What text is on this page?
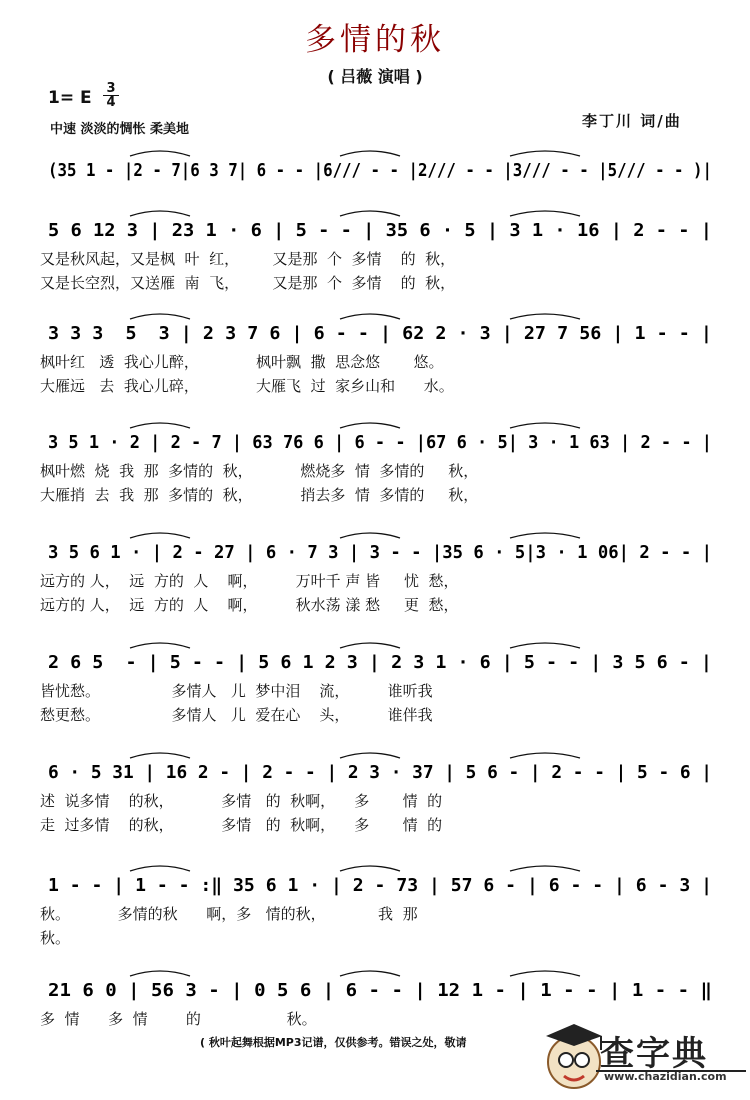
多情的秋
( 吕薇 演唱 )
1= E 3
4
中速 淡淡的惆怅 柔美地	李丁川 词/曲
(35 1 - |2 - 7|6 3 7| 6 - - |6/// - - |2/// - - |3/// - - |5/// - - )|
5 6 12 3 | 23 1 · 6 | 5 - - | 35 6 · 5 | 3 1 · 16 | 2 - - |
又是秋风起，又是枫  叶  红，       又是那  个  多情    的  秋，
又是长空烈，又送雁  南  飞，       又是那  个  多情    的  秋，
3 3 3  5  3 | 2 3 7 6 | 6 - - | 62 2 · 3 | 27 7 56 | 1 - - |
枫叶红   透  我心儿醉，            枫叶飘  撒  思念悠       悠。
大雁远   去  我心儿碎，            大雁飞  过  家乡山和      水。
3 5 1 · 2 | 2 - 7 | 63 76 6 | 6 - - |67 6 · 5| 3 · 1 63 | 2 - - |
枫叶燃  烧  我  那  多情的  秋，          燃烧多  情  多情的     秋，
大雁捎  去  我  那  多情的  秋，          捎去多  情  多情的     秋，
3 5 6 1 · | 2 - 27 | 6 · 7 3 | 3 - - |35 6 · 5|3 · 1 06| 2 - - |
远方的 人，  远  方的  人    啊，        万叶千 声 皆     忧  愁，
远方的 人，  远  方的  人    啊，        秋水荡 漾 愁     更  愁，
2 6 5  - | 5 - - | 5 6 1 2 3 | 2 3 1 · 6 | 5 - - | 3 5 6 - |
皆忧愁。               多情人   儿  梦中泪    流，        谁听我
愁更愁。               多情人   儿  爱在心    头，        谁伴我
6 · 5 31 | 16 2 - | 2 - - | 2 3 · 37 | 5 6 - | 2 - - | 5 - 6 |
述  说多情    的秋，          多情   的  秋啊，    多       情  的
走  过多情    的秋，          多情   的  秋啊，    多       情  的
1 - - | 1 - - :‖ 35 6 1 · | 2 - 73 | 57 6 - | 6 - - | 6 - 3 |
秋。          多情的秋      啊，多   情的秋，           我  那
秋。
21 6 0 | 56 3 - | 0 5 6 | 6 - - | 12 1 - | 1 - - | 1 - - ‖
多  情      多  情        的                  秋。
( 秋叶起舞根据MP3记谱，仅供参考。错误之处，敬请	查字典
www.chazidian.com
